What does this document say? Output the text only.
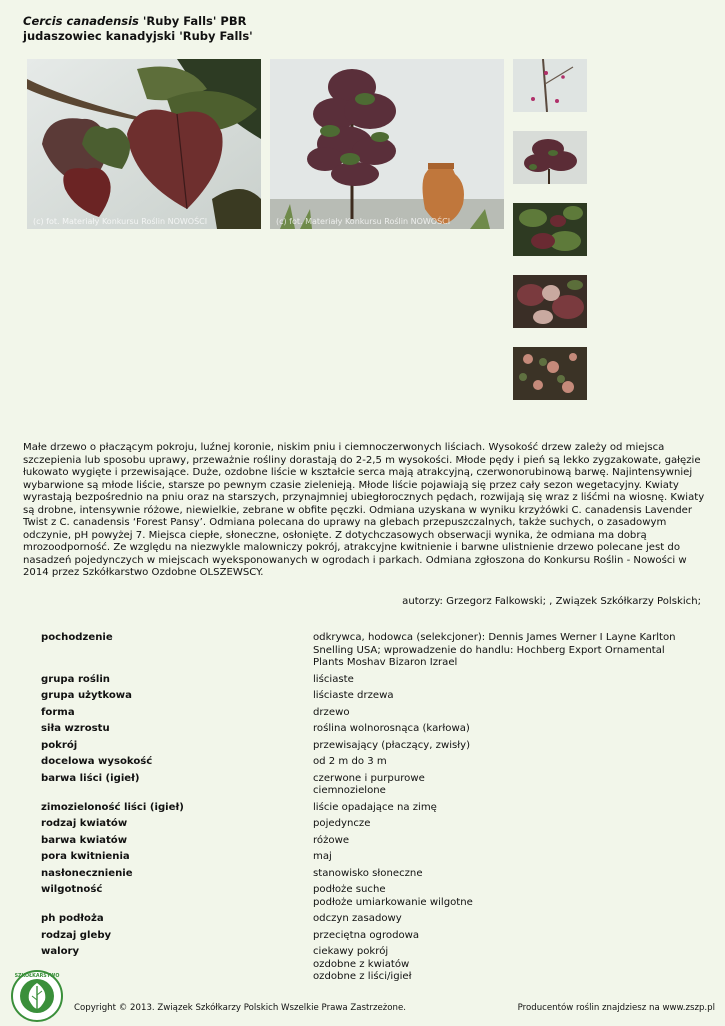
Cercis canadensis 'Ruby Falls' PBR
judaszowiec kanadyjski 'Ruby Falls'
(c) fot. Materiały Konkursu Roślin NOWOŚCI	(c) fot. Materiały Konkursu Roślin NOWOŚCI

Małe drzewo o płaczącym pokroju, luźnej koronie, niskim pniu i ciemnoczerwonych liściach. Wysokość drzew zależy od miejsca szczepienia lub sposobu uprawy, przeważnie rośliny dorastają do 2-2,5 m wysokości. Młode pędy i pień są lekko zygzakowate, gałęzie łukowato wygięte i przewisające. Duże, ozdobne liście w kształcie serca mają atrakcyjną, czerwonorubinową barwę. Najintensywniej wybarwione są młode liście, starsze po pewnym czasie zielenieją. Młode liście pojawiają się przez cały sezon wegetacyjny. Kwiaty wyrastają bezpośrednio na pniu oraz na starszych, przynajmniej ubiegłorocznych pędach, rozwijają się wraz z liśćmi na wiosnę. Kwiaty są drobne, intensywnie różowe, niewielkie, zebrane w obfite pęczki. Odmiana uzyskana w wyniku krzyżówki C. canadensis Lavender Twist z C. canadensis ‘Forest Pansy’. Odmiana polecana do uprawy na glebach przepuszczalnych, także suchych, o zasadowym odczynie, pH powyżej 7. Miejsca ciepłe, słoneczne, osłonięte. Z dotychczasowych obserwacji wynika, że odmiana ma dobrą mrozoodporność. Ze względu na niezwykle malowniczy pokrój, atrakcyjne kwitnienie i barwne ulistnienie drzewo polecane jest do nasadzeń pojedynczych w miejscach wyeksponowanych w ogrodach i parkach. Odmiana zgłoszona do Konkursu Roślin - Nowości w 2014 przez Szkółkarstwo Ozdobne OLSZEWSCY.

autorzy: Grzegorz Falkowski; , Związek Szkółkarzy Polskich;
pochodzenie	odkrywca, hodowca (selekcjoner): Dennis James Werner I Layne Karlton Snelling USA; wprowadzenie do handlu: Hochberg Export Ornamental Plants Moshav Bizaron Izrael

grupa roślin	liściaste

grupa użytkowa	liściaste drzewa

forma	drzewo

siła wzrostu	roślina wolnorosnąca (karłowa)

pokrój	przewisający (płaczący, zwisły)

docelowa wysokość	od 2 m do 3 m

barwa liści (igieł)	czerwone i purpurowe
ciemnozielone

zimozieloność liści (igieł)	liście opadające na zimę

rodzaj kwiatów	pojedyncze

barwa kwiatów	różowe

pora kwitnienia	maj

nasłonecznienie	stanowisko słoneczne

wilgotność	podłoże suche
podłoże umiarkowanie wilgotne

ph podłoża	odczyn zasadowy

rodzaj gleby	przeciętna ogrodowa

walory	ciekawy pokrój
ozdobne z kwiatów
ozdobne z liści/igieł
SZKÓŁKARSTWO
Copyright © 2013. Związek Szkółkarzy Polskich Wszelkie Prawa Zastrzeżone.	Producentów roślin znajdziesz na www.zszp.pl
